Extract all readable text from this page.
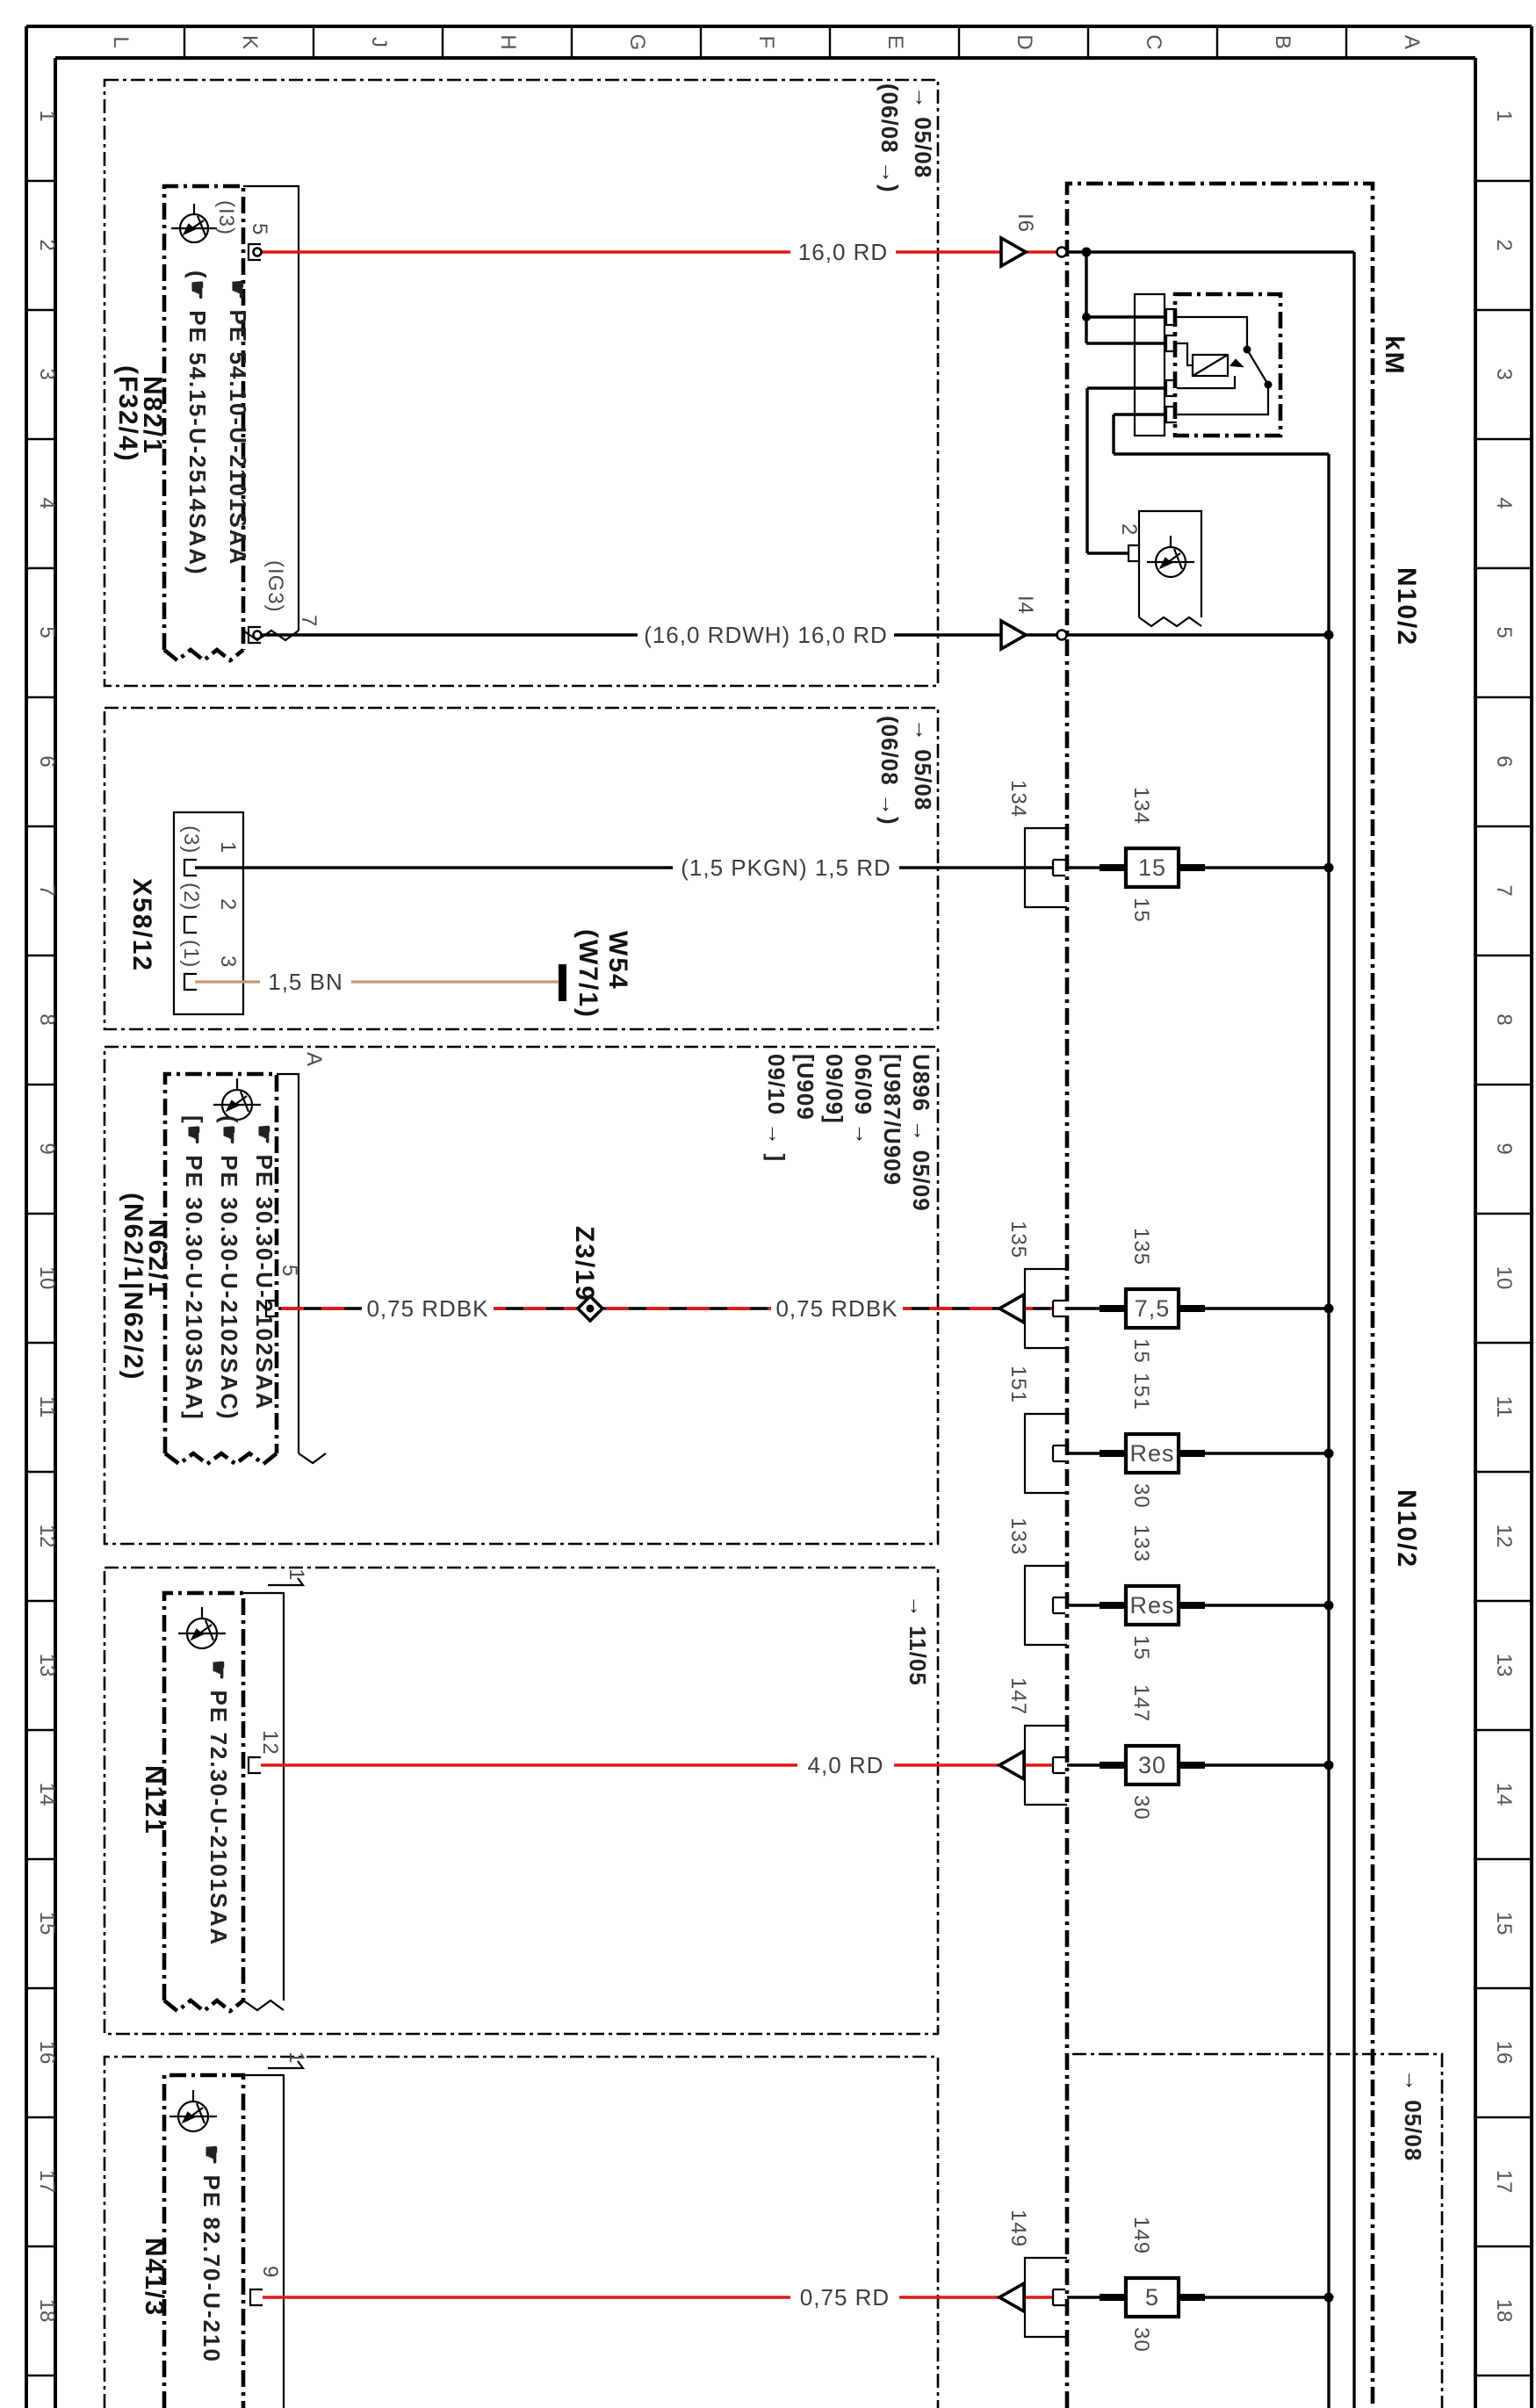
L	K	J	H	G	F	E	D	C	B	A
1
2
3
4
5
6
7
8
9
10
11
12
13
14
15
16
17
18
1
2
3
4
5
6
7
8
9
10
11
12
13
14
15
16
17
18
N10/2
N10/2
kM
2
N82/1
(F32/4)	☛ PE 54.10-U-2101SAA
(☛ PE 54.15-U-2514SAA)
(I3) 5
(IG3)
7
16,0 RD
I6
(16,0 RDWH) 16,0 RD
I4
→ 05/08
(06/08 →)
→ 05/08
(06/08 →)
U896 → 05/09
[U987/U909
06/09 →
09/09]
[U909
09/10 → ]
→ 11/05
→ 05/08
X58/12
(3) 1
(2) 2
(1) 3
(1,5 PKGN) 1,5 RD
1,5 BN	W54
(W7/1)
A
N62/1
(N62/1|N62/2)	☛ PE 30.30-U-2102SAA
(☛ PE 30.30-U-2102SAC)
[☛ PE 30.30-U-2103SAA]	5
0,75 RDBK	0,75 RDBK
Z3/19
134
15
134
15
135
7,5
135
15
151
Res
151
30
133
Res
133
15
1
N121 ☛ PE 72.30-U-2101SAA 12
4,0 RD
147
30
147
30
1
N41/3 ☛ PE 82.70-U-210 9
0,75 RD
149
5
149
30
